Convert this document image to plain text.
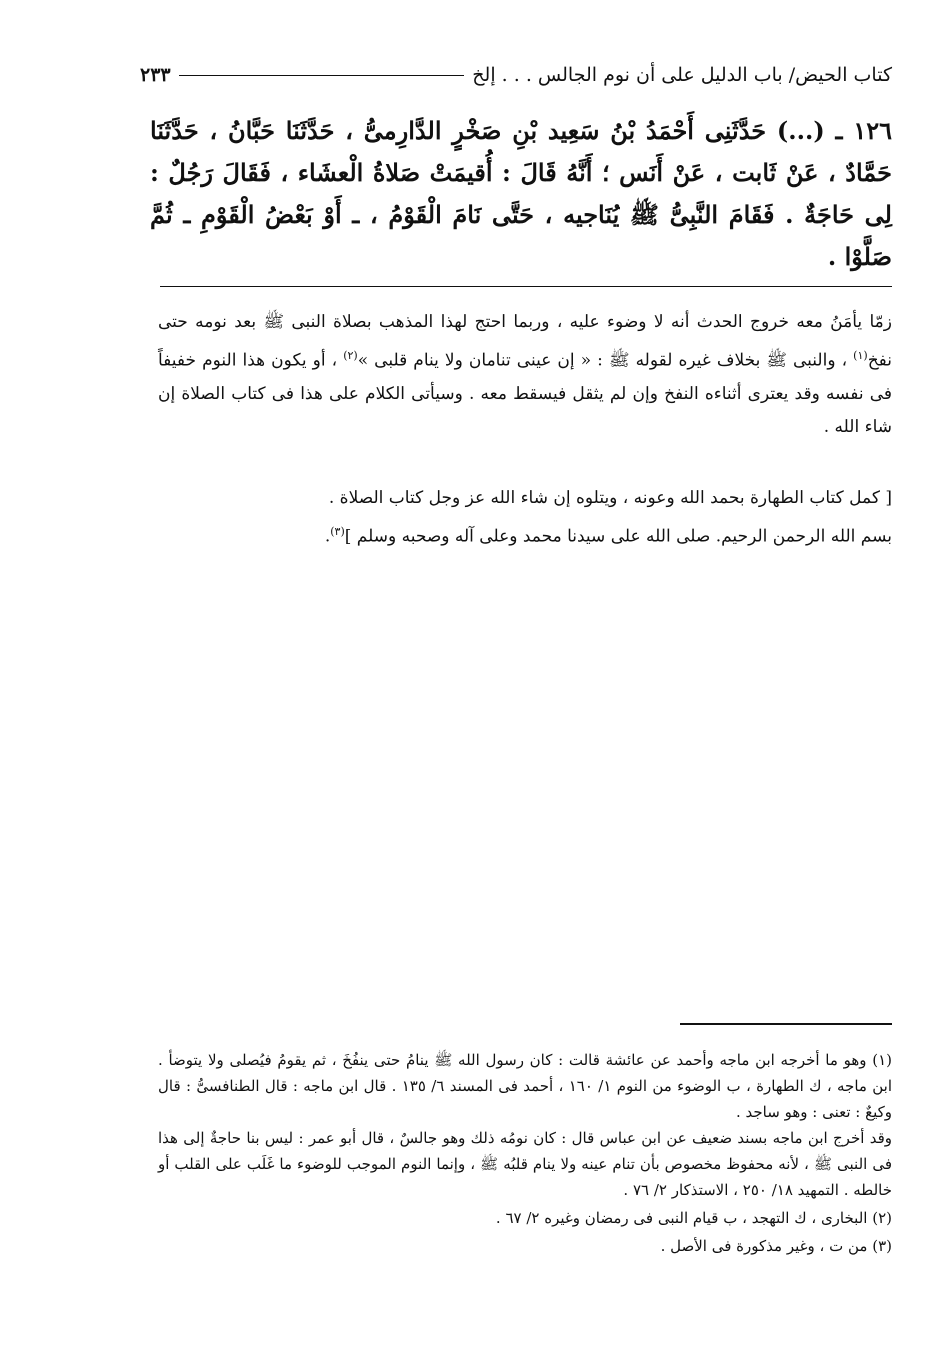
كتاب الحيض/ باب الدليل على أن نوم الجالس . . . إلخ
٢٣٣
١٢٦ ـ (...) حَدَّثَنِى أَحْمَدُ بْنُ سَعِيد بْنِ صَخْرٍ الدَّارِمىُّ ، حَدَّثَنَا حَبَّانُ ، حَدَّثَنَا حَمَّادٌ ، عَنْ ثَابت ، عَنْ أَنَس ؛ أَنَّهُ قَالَ : أُقيمَتْ صَلاةُ الْعشَاء ، فَقَالَ رَجُلٌ : لِى حَاجَةٌ . فَقَامَ النَّبِىُّ ﷺ يُنَاجيه ، حَتَّى نَامَ الْقَوْمُ ، ـ أَوْ بَعْضُ الْقَوْمِ ـ ثُمَّ صَلَّوْا .

زمّا يأمَنُ معه خروج الحدث أنه لا وضوء عليه ، وربما احتج لهذا المذهب بصلاة النبى ﷺ بعد نومه حتى نفخ$^{(١)}$ ، والنبى ﷺ بخلاف غيره لقوله ﷺ : « إن عينى تنامان ولا ينام قلبى »$^{(٢)}$ ، أو يكون هذا النوم خفيفاً فى نفسه وقد يعترى أثناءه النفخ وإن لم يثقل فيسقط معه . وسيأتى الكلام على هذا فى كتاب الصلاة إن شاء الله .

[ كمل كتاب الطهارة بحمد الله وعونه ، ويتلوه إن شاء الله عز وجل كتاب الصلاة .

بسم الله الرحمن الرحيم. صلى الله على سيدنا محمد وعلى آله وصحبه وسلم ]$^{(٣)}$.

(١) وهو ما أخرجه ابن ماجه وأحمد عن عائشة قالت : كان رسول الله ﷺ ينامُ حتى ينفُخَ ، ثم يقومُ فيُصلى ولا يتوضأ . ابن ماجه ، ك الطهارة ، ب الوضوء من النوم ١/ ١٦٠ ، أحمد فى المسند ٦/ ١٣٥ . قال ابن ماجه : قال الطنافسىُّ : قال وكيعٌ : تعنى : وهو ساجد .

وقد أخرج ابن ماجه بسند ضعيف عن ابن عباس قال : كان نومُه ذلك وهو جالسٌ ، قال أبو عمر : ليس بنا حاجةٌ إلى هذا فى النبى ﷺ ، لأنه محفوظ مخصوص بأن تنام عينه ولا ينام قلبُه ﷺ ، وإنما النوم الموجب للوضوء ما غَلَب على القلب أو خالطه . التمهيد ١٨/ ٢٥٠ ، الاستذكار ٢/ ٧٦ .

(٢) البخارى ، ك التهجد ، ب قيام النبى فى رمضان وغيره ٢/ ٦٧ .

(٣) من ت ، وغير مذكورة فى الأصل .
